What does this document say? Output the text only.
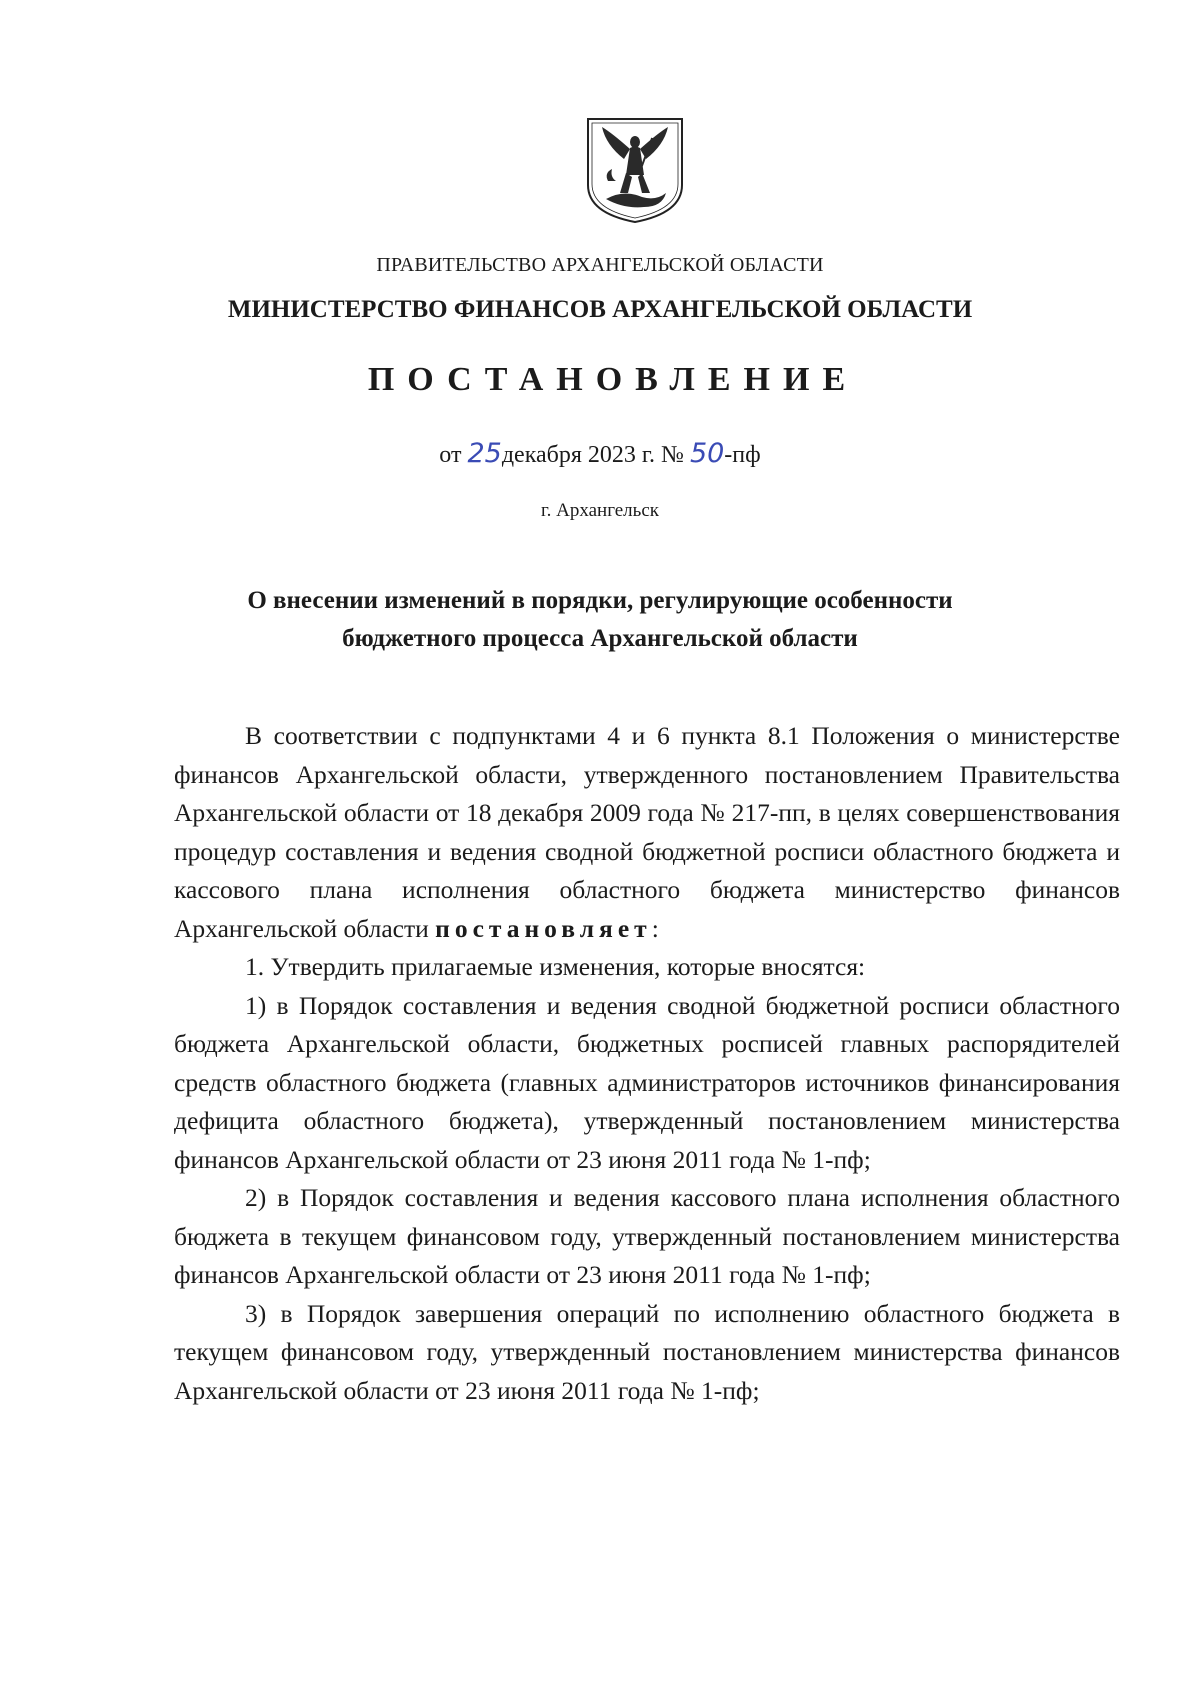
ПРАВИТЕЛЬСТВО АРХАНГЕЛЬСКОЙ ОБЛАСТИ
МИНИСТЕРСТВО ФИНАНСОВ АРХАНГЕЛЬСКОЙ ОБЛАСТИ
ПОСТАНОВЛЕНИЕ
от 25декабря 2023 г. № 50-пф
г. Архангельск
О внесении изменений в порядки, регулирующие особенности
бюджетного процесса Архангельской области

В соответствии с подпунктами 4 и 6 пункта 8.1 Положения о министерстве финансов Архангельской области, утвержденного постановлением Правительства Архангельской области от 18 декабря 2009 года № 217-пп, в целях совершенствования процедур составления и ведения сводной бюджетной росписи областного бюджета и кассового плана исполнения областного бюджета министерство финансов Архангельской области постановляет:

1. Утвердить прилагаемые изменения, которые вносятся:

1) в Порядок составления и ведения сводной бюджетной росписи областного бюджета Архангельской области, бюджетных росписей главных распорядителей средств областного бюджета (главных администраторов источников финансирования дефицита областного бюджета), утвержденный постановлением министерства финансов Архангельской области от 23 июня 2011 года № 1-пф;

2) в Порядок составления и ведения кассового плана исполнения областного бюджета в текущем финансовом году, утвержденный постановлением министерства финансов Архангельской области от 23 июня 2011 года № 1-пф;

3) в Порядок завершения операций по исполнению областного бюджета в текущем финансовом году, утвержденный постановлением министерства финансов Архангельской области от 23 июня 2011 года № 1-пф;
